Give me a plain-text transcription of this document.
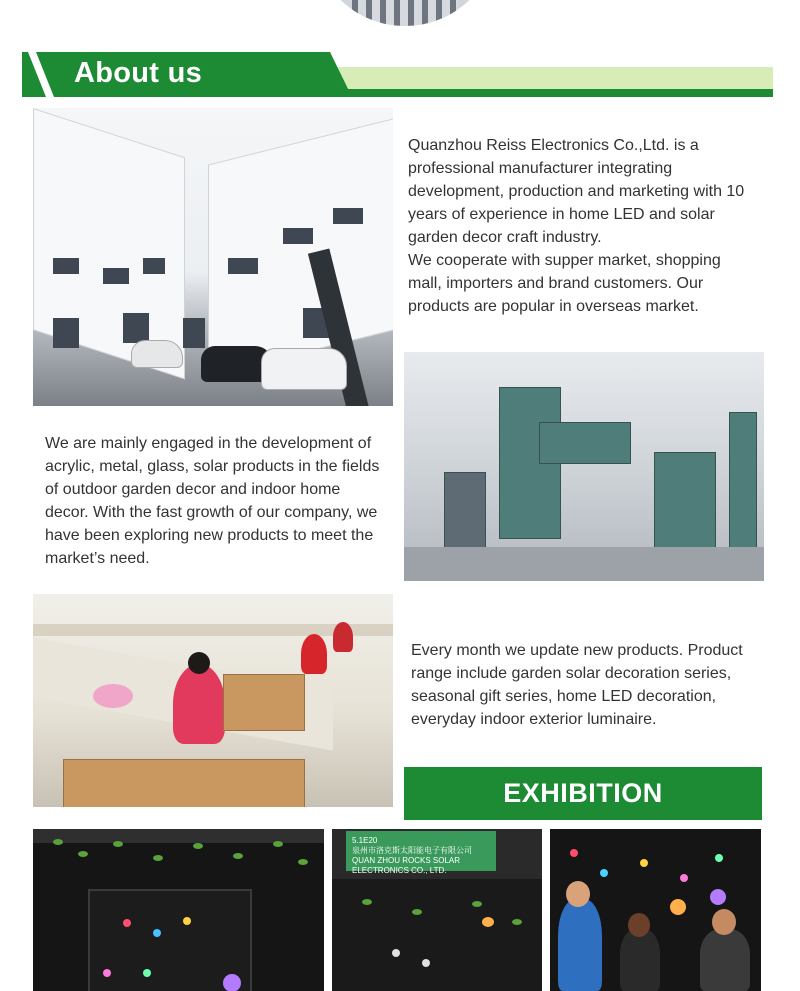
About us

Quanzhou Reiss Electronics Co.,Ltd. is a
professional manufacturer integrating
development, production and marketing with 10
years of experience in home LED and solar
garden decor craft industry.
We cooperate with supper market, shopping
mall, importers and brand customers. Our
products are popular in overseas market.

We are mainly engaged in the development of
acrylic, metal, glass, solar products in the fields
of outdoor garden decor and indoor home
decor. With the fast growth of our company, we
have been exploring new products to meet the
market’s need.

Every month we update new products. Product
range include garden solar decoration series,
seasonal gift series, home LED decoration,
everyday indoor exterior luminaire.

EXHIBITION
5.1E20
泉州市洛克斯太阳能电子有限公司
QUAN ZHOU ROCKS SOLAR ELECTRONICS CO., LTD.
